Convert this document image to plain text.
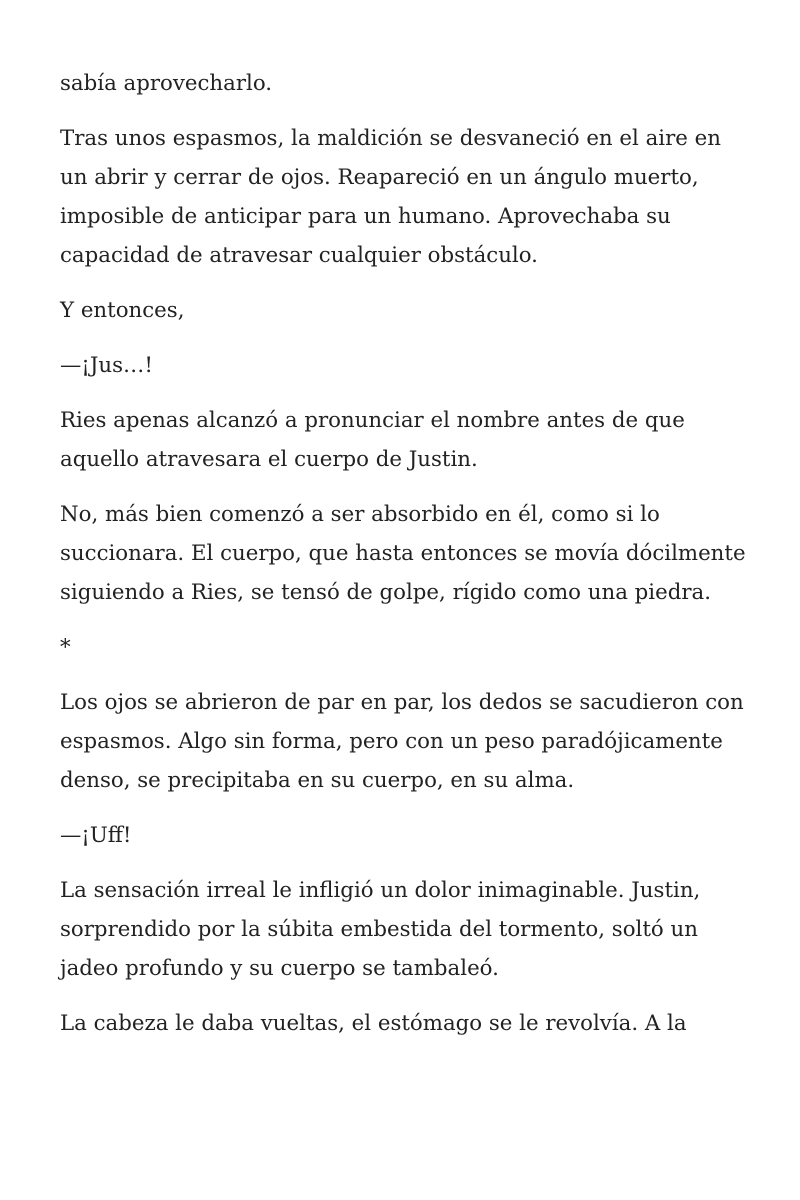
sabía aprovecharlo.

Tras unos espasmos, la maldición se desvaneció en el aire en un abrir y cerrar de ojos. Reapareció en un ángulo muerto, imposible de anticipar para un humano. Aprovechaba su capacidad de atravesar cualquier obstáculo.

Y entonces,

—¡Jus…!

Ries apenas alcanzó a pronunciar el nombre antes de que aquello atravesara el cuerpo de Justin.

No, más bien comenzó a ser absorbido en él, como si lo succionara. El cuerpo, que hasta entonces se movía dócilmente siguiendo a Ries, se tensó de golpe, rígido como una piedra.

*

Los ojos se abrieron de par en par, los dedos se sacudieron con espasmos. Algo sin forma, pero con un peso paradójicamente denso, se precipitaba en su cuerpo, en su alma.

—¡Uff!

La sensación irreal le infligió un dolor inimaginable. Justin, sorprendido por la súbita embestida del tormento, soltó un jadeo profundo y su cuerpo se tambaleó.

La cabeza le daba vueltas, el estómago se le revolvía. A la
